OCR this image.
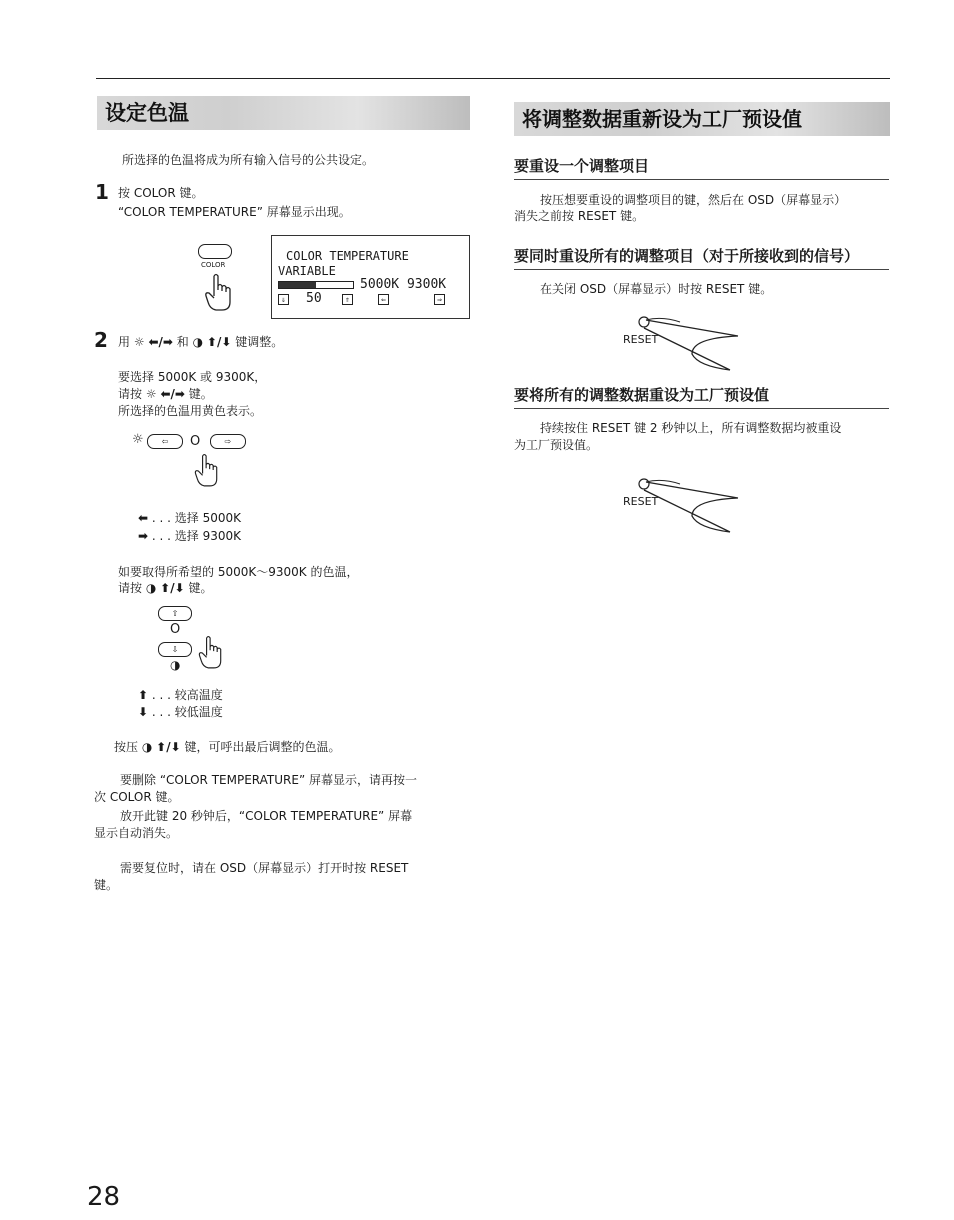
设定色温
所选择的色温将成为所有输入信号的公共设定。
1 按 COLOR 键。
“COLOR TEMPERATURE” 屏幕显示出现。
COLOR
COLOR TEMPERATURE
VARIABLE
5000K 9300K
⇓ 50	⇑	⇐	⇒
2 用 ☼ ⬅/➡ 和 ◑ ⬆/⬇ 键调整。
要选择 5000K 或 9300K，
请按 ☼ ⬅/➡ 键。
所选择的色温用黄色表示。
☼	⇦	O	⇨
⬅ . . . 选择 5000K
➡ . . . 选择 9300K
如要取得所希望的 5000K～9300K 的色温，
请按 ◑ ⬆/⬇ 键。
⇧
O
⇩
◑
⬆ . . . 较高温度
⬇ . . . 较低温度
按压 ◑ ⬆/⬇ 键，可呼出最后调整的色温。
要删除 “COLOR TEMPERATURE” 屏幕显示，请再按一
次 COLOR 键。
放开此键 20 秒钟后，“COLOR TEMPERATURE” 屏幕
显示自动消失。
需要复位时，请在 OSD（屏幕显示）打开时按 RESET
键。
将调整数据重新设为工厂预设值
要重设一个调整项目
按压想要重设的调整项目的键，然后在 OSD（屏幕显示）
消失之前按 RESET 键。
要同时重设所有的调整项目（对于所接收到的信号）
在关闭 OSD（屏幕显示）时按 RESET 键。
RESET
要将所有的调整数据重设为工厂预设值
持续按住 RESET 键 2 秒钟以上，所有调整数据均被重设
为工厂预设值。
RESET
28
